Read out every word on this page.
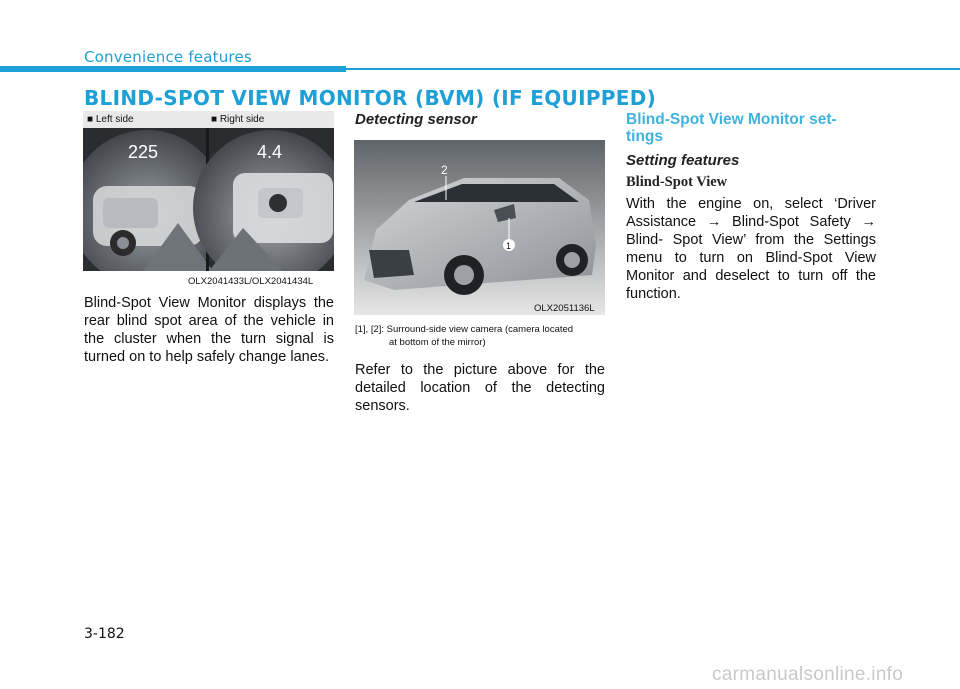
Convenience features
BLIND-SPOT VIEW MONITOR (BVM) (IF EQUIPPED)
■ Left side	■ Right side
225	4.4
OLX2041433L/OLX2041434L
Blind-Spot View Monitor displays the rear blind spot area of the vehicle in the cluster when the turn signal is turned on to help safely change lanes.
Detecting sensor
1
2
OLX2051136L
[1], [2]: Surround-side view camera (camera located
at bottom of the mirror)
Refer to the picture above for the detailed location of the detecting sensors.
Blind-Spot View Monitor set- tings
Setting features
Blind-Spot View
With the engine on, select ‘Driver Assistance → Blind-Spot Safety → Blind- Spot View’ from the Settings menu to turn on Blind-Spot View Monitor and deselect to turn off the function.
3-182
carmanualsonline.info
